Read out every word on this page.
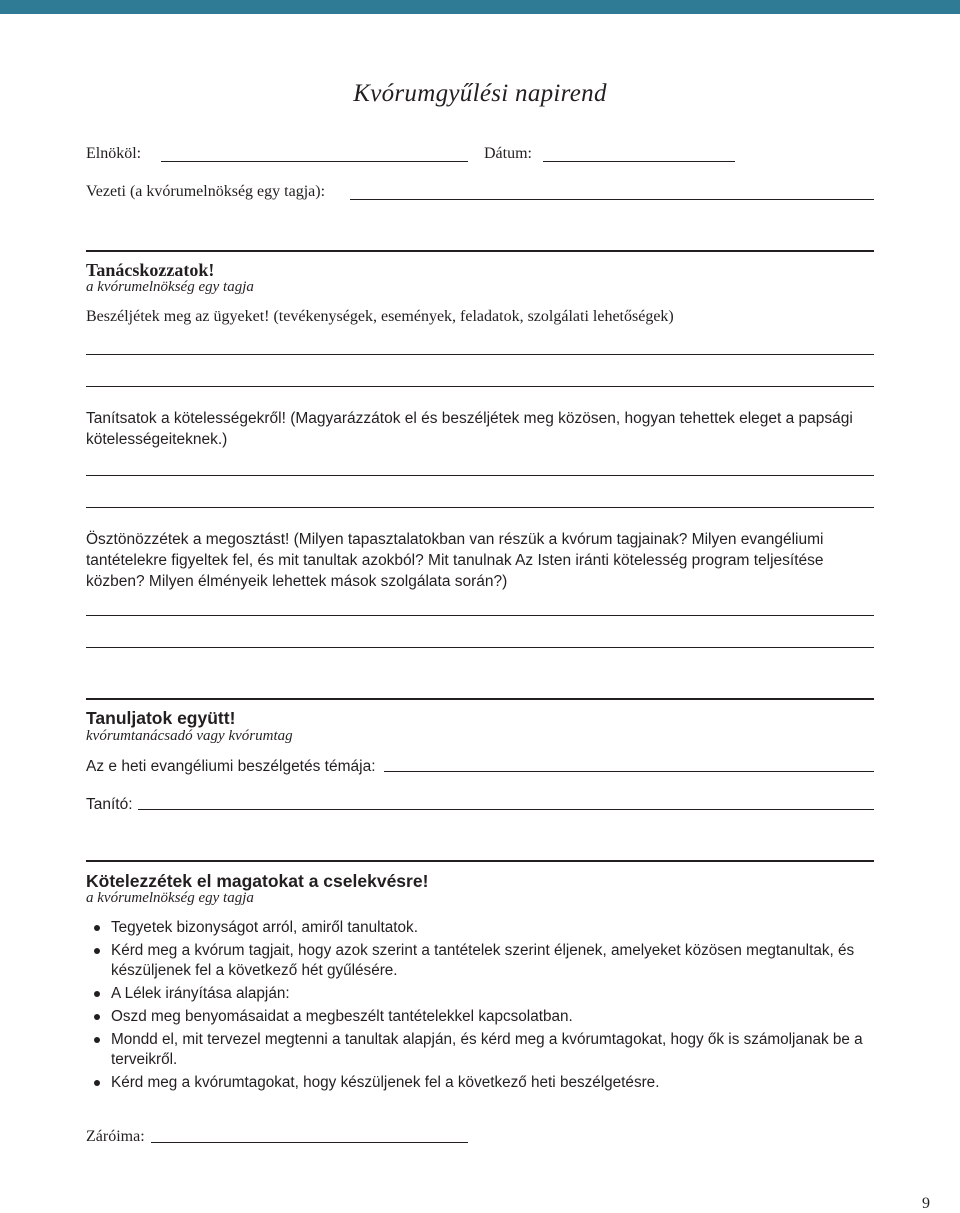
Kvórumgyűlési napirend
Elnököl:	Dátum:
Vezeti (a kvórumelnökség egy tagja):
Tanácskozzatok!
a kvórumelnökség egy tagja
Beszéljétek meg az ügyeket! (tevékenységek, események, feladatok, szolgálati lehetőségek)
Tanítsatok a kötelességekről! (Magyarázzátok el és beszéljétek meg közösen, hogyan tehettek eleget a papsági kötelességeiteknek.)
Ösztönözzétek a megosztást! (Milyen tapasztalatokban van részük a kvórum tagjainak? Milyen evangéliumi tantételekre figyeltek fel, és mit tanultak azokból? Mit tanulnak Az Isten iránti kötelesség program teljesítése közben? Milyen élményeik lehettek mások szolgálata során?)
Tanuljatok együtt!
kvórumtanácsadó vagy kvórumtag
Az e heti evangéliumi beszélgetés témája:
Tanító:
Kötelezzétek el magatokat a cselekvésre!
a kvórumelnökség egy tagja
Tegyetek bizonyságot arról, amiről tanultatok.
Kérd meg a kvórum tagjait, hogy azok szerint a tantételek szerint éljenek, amelyeket közösen megtanultak, és készüljenek fel a következő hét gyűlésére.
A Lélek irányítása alapján:
Oszd meg benyomásaidat a megbeszélt tantételekkel kapcsolatban.
Mondd el, mit tervezel megtenni a tanultak alapján, és kérd meg a kvórumtagokat, hogy ők is számoljanak be a terveikről.
Kérd meg a kvórumtagokat, hogy készüljenek fel a következő heti beszélgetésre.
Záróima:
9
